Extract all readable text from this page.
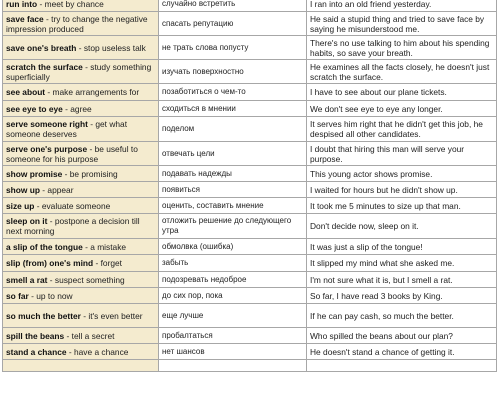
run into - meet by chance	случайно встретить	I ran into an old friend yesterday.
save face - try to change the negative impression produced	спасать репутацию	He said a stupid thing and tried to save face by saying he misunderstood me.
save one's breath - stop useless talk	не трать слова попусту	There's no use talking to him about his spending habits, so save your breath.
scratch the surface - study something superficially	изучать поверхностно	He examines all the facts closely, he doesn't just scratch the surface.
see about - make arrangements for	позаботиться о чем-то	I have to see about our plane tickets.
see eye to eye - agree	сходиться в мнении	We don't see eye to eye any longer.
serve someone right - get what someone deserves	поделом	It serves him right that he didn't get this job, he despised all other candidates.
serve one's purpose - be useful to someone for his purpose	отвечать цели	I doubt that hiring this man will serve your purpose.
show promise - be promising	подавать надежды	This young actor shows promise.
show up - appear	появиться	I waited for hours but he didn't show up.
size up - evaluate someone	оценить, составить мнение	It took me 5 minutes to size up that man.
sleep on it - postpone a decision till next morning	отложить решение до следующего утра	Don't decide now, sleep on it.
a slip of the tongue - a mistake	обмолвка (ошибка)	It was just a slip of the tongue!
slip (from) one's mind - forget	забыть	It slipped my mind what she asked me.
smell a rat - suspect something	подозревать недоброе	I'm not sure what it is, but I smell a rat.
so far - up to now	до сих пор, пока	So far, I have read 3 books by King.
so much the better - it's even better	еще лучше	If he can pay cash, so much the better.
spill the beans - tell a secret	пробалтаться	Who spilled the beans about our plan?
stand a chance - have a chance	нет шансов	He doesn't stand a chance of getting it.
